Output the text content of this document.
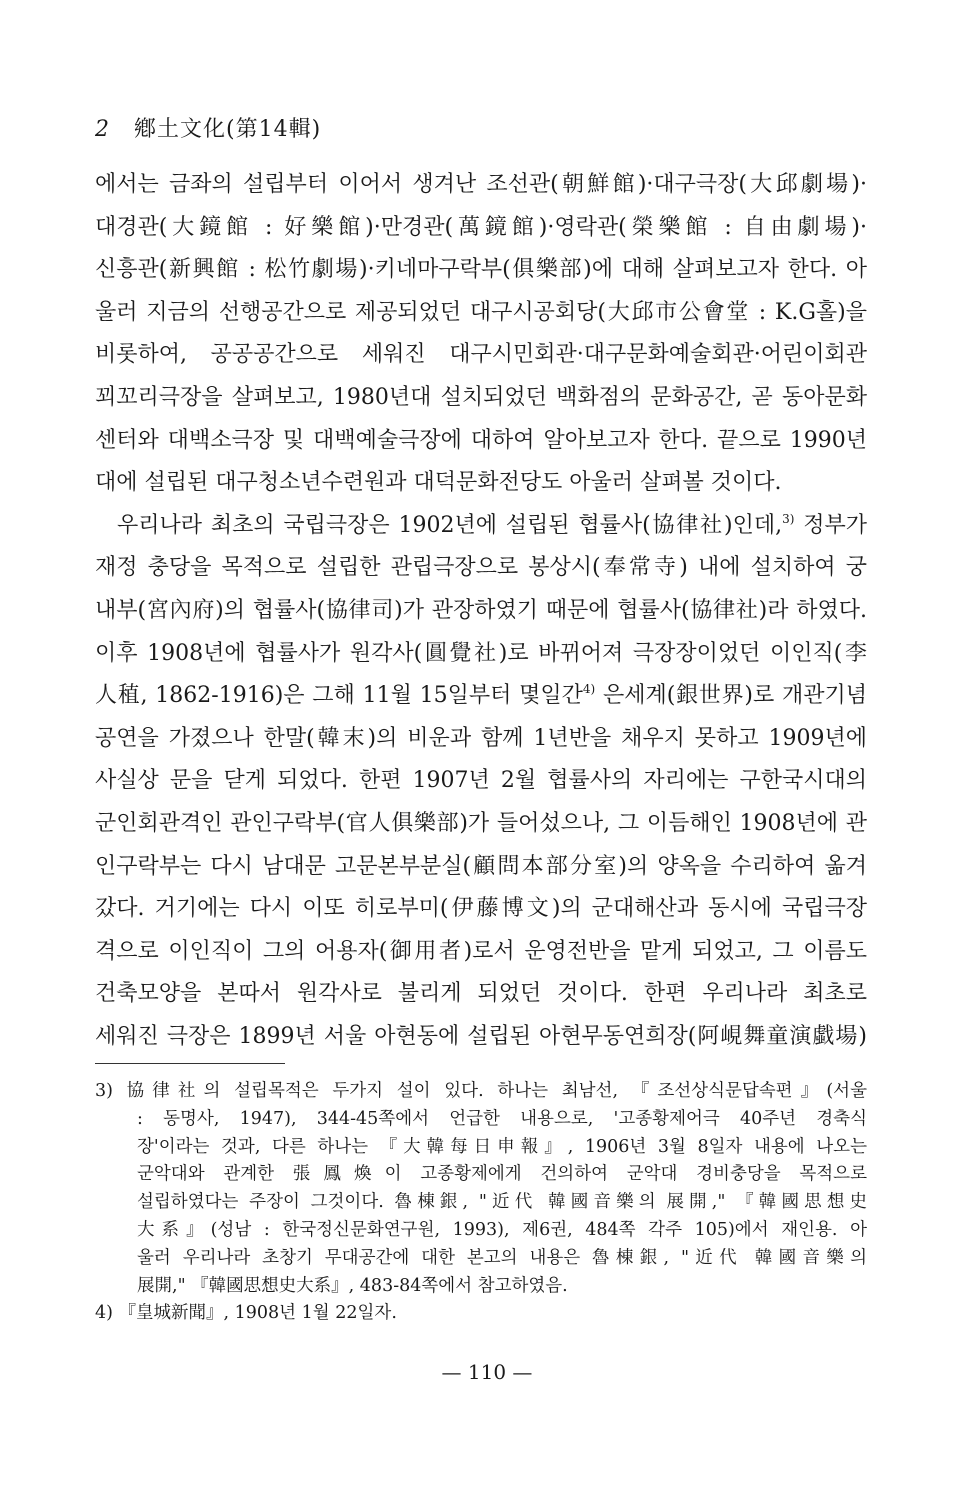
2 鄕土文化(第14輯)
에서는 금좌의 설립부터 이어서 생겨난 조선관(朝鮮館)·대구극장(大邱劇場)·
대경관(大鏡館 : 好樂館)·만경관(萬鏡館)·영락관(榮樂館 : 自由劇場)·
신흥관(新興館 : 松竹劇場)·키네마구락부(俱樂部)에 대해 살펴보고자 한다. 아
울러 지금의 선행공간으로 제공되었던 대구시공회당(大邱市公會堂 : K.G홀)을
비롯하여, 공공공간으로 세워진 대구시민회관·대구문화예술회관·어린이회관
꾀꼬리극장을 살펴보고, 1980년대 설치되었던 백화점의 문화공간, 곧 동아문화
센터와 대백소극장 및 대백예술극장에 대하여 알아보고자 한다. 끝으로 1990년
대에 설립된 대구청소년수련원과 대덕문화전당도 아울러 살펴볼 것이다.
우리나라 최초의 국립극장은 1902년에 설립된 협률사(協律社)인데,$^{3)}$ 정부가
재정 충당을 목적으로 설립한 관립극장으로 봉상시(奉常寺) 내에 설치하여 궁
내부(宮內府)의 협률사(協律司)가 관장하였기 때문에 협률사(協律社)라 하였다.
이후 1908년에 협률사가 원각사(圓覺社)로 바뀌어져 극장장이었던 이인직(李
人稙, 1862-1916)은 그해 11월 15일부터 몇일간$^{4)}$ 은세계(銀世界)로 개관기념
공연을 가졌으나 한말(韓末)의 비운과 함께 1년반을 채우지 못하고 1909년에
사실상 문을 닫게 되었다. 한편 1907년 2월 협률사의 자리에는 구한국시대의
군인회관격인 관인구락부(官人俱樂部)가 들어섰으나, 그 이듬해인 1908년에 관
인구락부는 다시 남대문 고문본부분실(顧問本部分室)의 양옥을 수리하여 옮겨
갔다. 거기에는 다시 이또 히로부미(伊藤博文)의 군대해산과 동시에 국립극장
격으로 이인직이 그의 어용자(御用者)로서 운영전반을 맡게 되었고, 그 이름도
건축모양을 본따서 원각사로 불리게 되었던 것이다. 한편 우리나라 최초로
세워진 극장은 1899년 서울 아현동에 설립된 아현무동연희장(阿峴舞童演戱場)
3) 協律社의 설립목적은 두가지 설이 있다. 하나는 최남선, 『조선상식문답속편』(서울
: 동명사, 1947), 344-45쪽에서 언급한 내용으로, '고종황제어극 40주년 경축식
장'이라는 것과, 다른 하나는 『大韓每日申報』, 1906년 3월 8일자 내용에 나오는
군악대와 관계한 張鳳煥이 고종황제에게 건의하여 군악대 경비충당을 목적으로
설립하였다는 주장이 그것이다. 魯棟銀, "近代 韓國音樂의 展開," 『韓國思想史
大系』(성남 : 한국정신문화연구원, 1993), 제6권, 484쪽 각주 105)에서 재인용. 아
울러 우리나라 초창기 무대공간에 대한 본고의 내용은 魯棟銀, "近代 韓國音樂의
展開," 『韓國思想史大系』, 483-84쪽에서 참고하였음.
4) 『皇城新聞』, 1908년 1월 22일자.
— 110 —
